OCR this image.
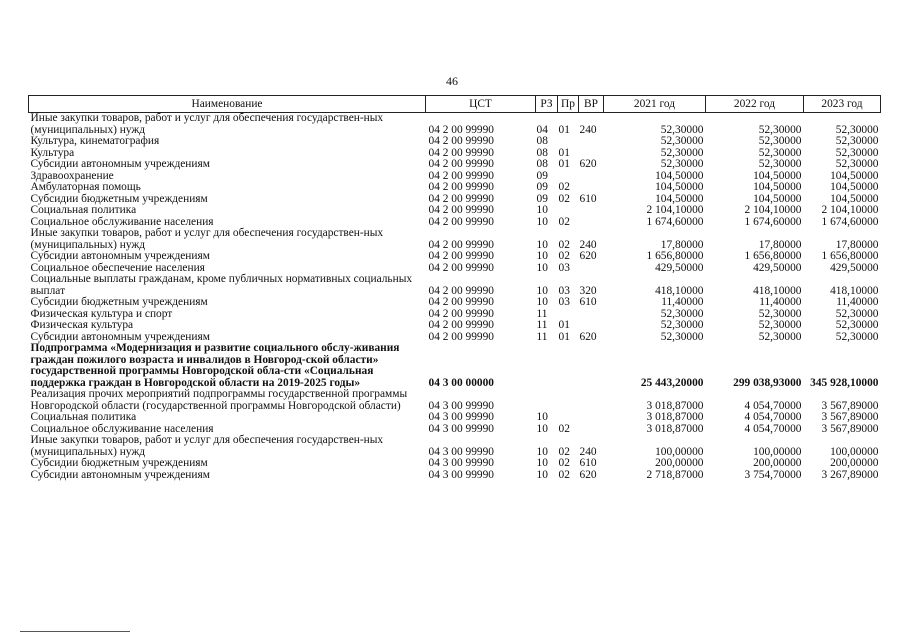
46
Наименование	ЦСТ	РЗ	Пр	ВР	2021 год	2022 год	2023 год
Иные закупки товаров, работ и услуг для обеспечения государствен-ных (муниципальных) нужд	04 2 00 99990	04	01	240	52,30000	52,30000	52,30000
Культура, кинематография	04 2 00 99990	08			52,30000	52,30000	52,30000
Культура	04 2 00 99990	08	01		52,30000	52,30000	52,30000
Субсидии автономным учреждениям	04 2 00 99990	08	01	620	52,30000	52,30000	52,30000
Здравоохранение	04 2 00 99990	09			104,50000	104,50000	104,50000
Амбулаторная помощь	04 2 00 99990	09	02		104,50000	104,50000	104,50000
Субсидии бюджетным учреждениям	04 2 00 99990	09	02	610	104,50000	104,50000	104,50000
Социальная политика	04 2 00 99990	10			2 104,10000	2 104,10000	2 104,10000
Социальное обслуживание населения	04 2 00 99990	10	02		1 674,60000	1 674,60000	1 674,60000
Иные закупки товаров, работ и услуг для обеспечения государствен-ных (муниципальных) нужд	04 2 00 99990	10	02	240	17,80000	17,80000	17,80000
Субсидии автономным учреждениям	04 2 00 99990	10	02	620	1 656,80000	1 656,80000	1 656,80000
Социальное обеспечение населения	04 2 00 99990	10	03		429,50000	429,50000	429,50000
Социальные выплаты гражданам, кроме публичных нормативных социальных выплат	04 2 00 99990	10	03	320	418,10000	418,10000	418,10000
Субсидии бюджетным учреждениям	04 2 00 99990	10	03	610	11,40000	11,40000	11,40000
Физическая культура и спорт	04 2 00 99990	11			52,30000	52,30000	52,30000
Физическая культура	04 2 00 99990	11	01		52,30000	52,30000	52,30000
Субсидии автономным учреждениям	04 2 00 99990	11	01	620	52,30000	52,30000	52,30000
Подпрограмма «Модернизация и развитие социального обслу-живания граждан пожилого возраста и инвалидов в Новгород-ской области» государственной программы Новгородской обла-сти «Социальная поддержка граждан в Новгородской области на 2019-2025 годы»	04 3 00 00000				25 443,20000	299 038,93000	345 928,10000
Реализация прочих мероприятий подпрограммы государственной программы Новгородской области (государственной программы Новгородской области)	04 3 00 99990				3 018,87000	4 054,70000	3 567,89000
Социальная политика	04 3 00 99990	10			3 018,87000	4 054,70000	3 567,89000
Социальное обслуживание населения	04 3 00 99990	10	02		3 018,87000	4 054,70000	3 567,89000
Иные закупки товаров, работ и услуг для обеспечения государствен-ных (муниципальных) нужд	04 3 00 99990	10	02	240	100,00000	100,00000	100,00000
Субсидии бюджетным учреждениям	04 3 00 99990	10	02	610	200,00000	200,00000	200,00000
Субсидии автономным учреждениям	04 3 00 99990	10	02	620	2 718,87000	3 754,70000	3 267,89000
